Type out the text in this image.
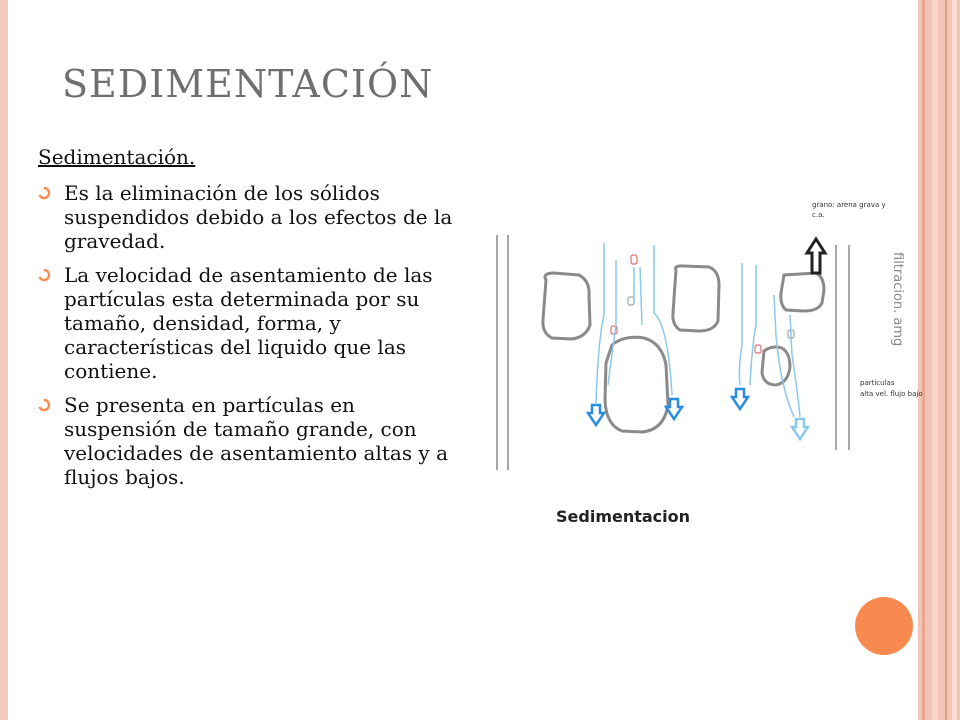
SEDIMENTACIÓN
Sedimentación.
Es la eliminación de los sólidos suspendidos debido a los efectos de la gravedad.
La velocidad de asentamiento de las partículas esta determinada por su tamaño, densidad, forma, y características del liquido que las contiene.
Se presenta en partículas en suspensión de tamaño grande, con velocidades de asentamiento altas y a flujos bajos.
grano: arena grava y
c.a.
particulas
alta vel. flujo bajo
Sedimentacion
filtracion. amg
